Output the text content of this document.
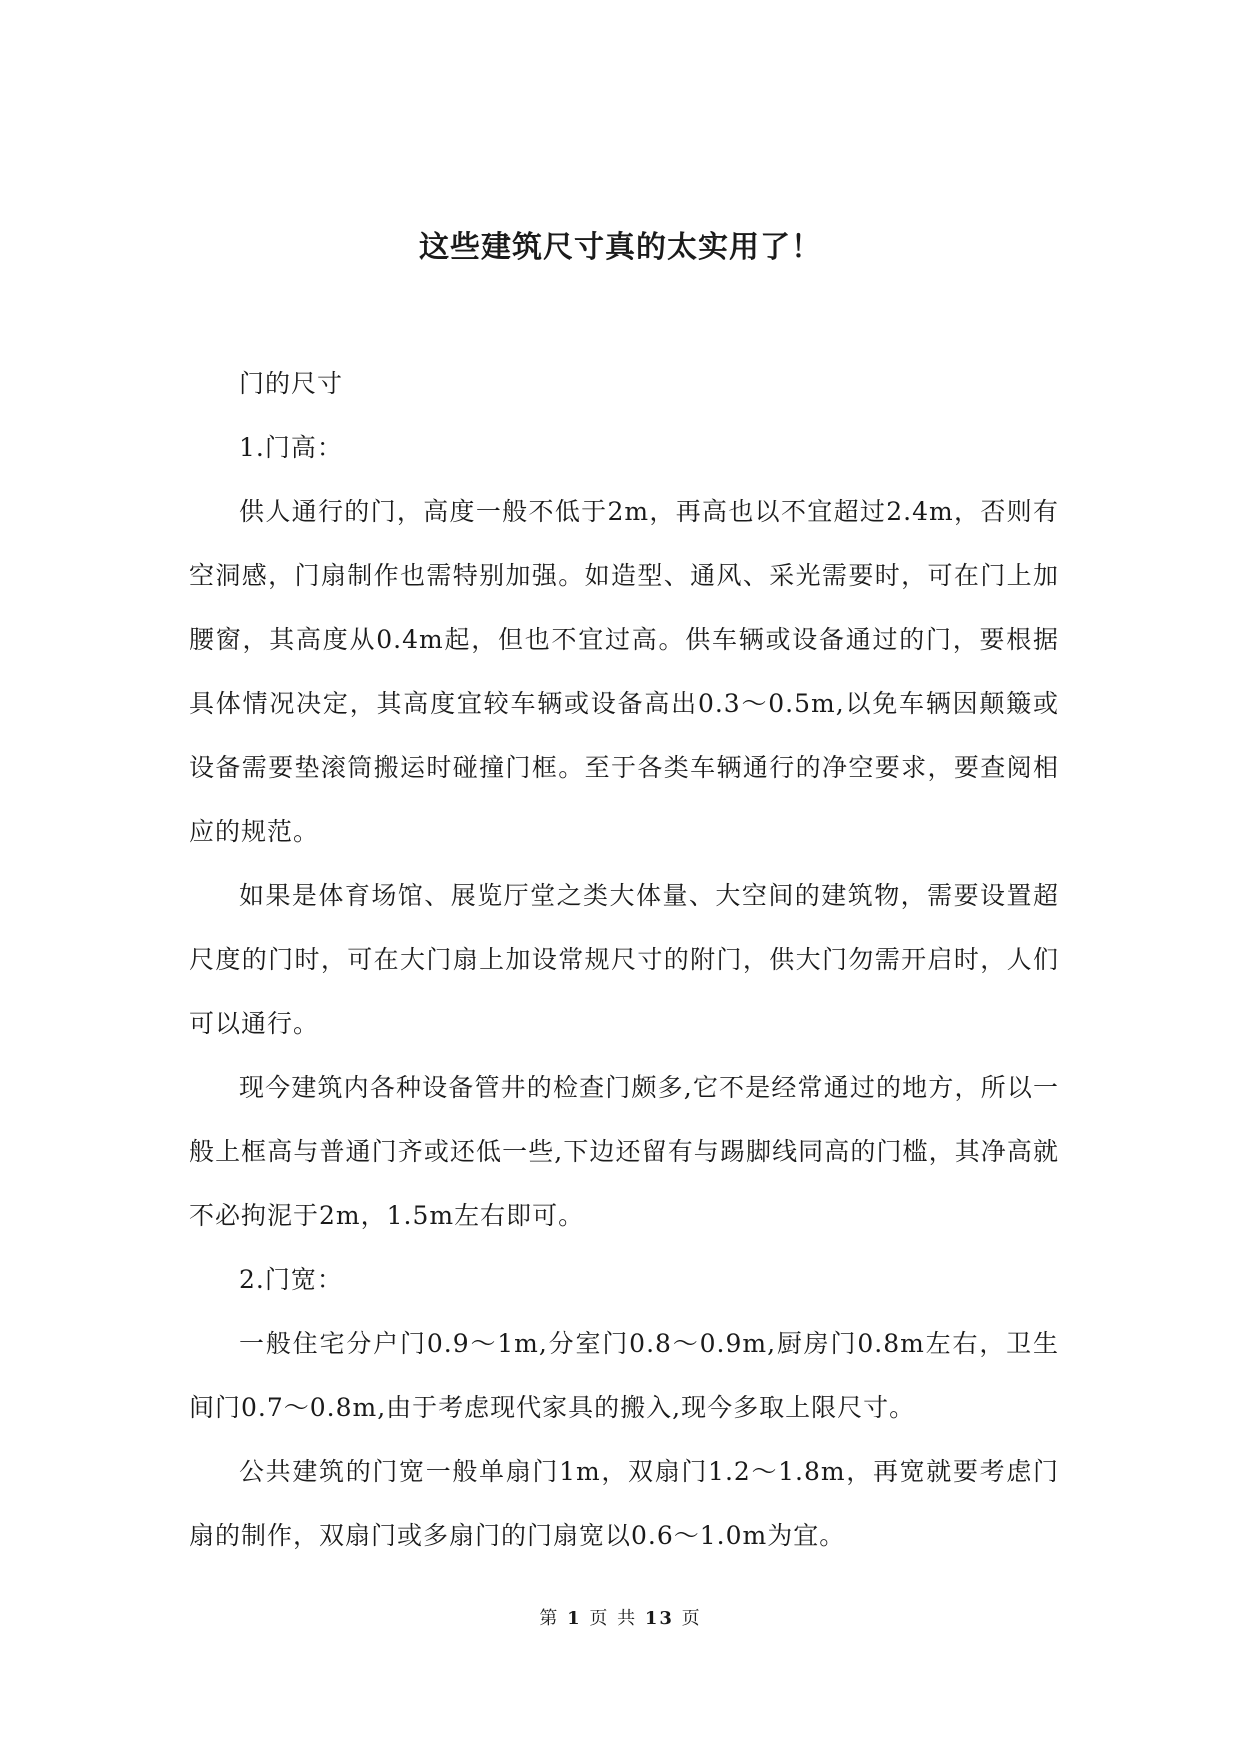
这些建筑尺寸真的太实用了！

门的尺寸

1.门高：

供人通行的门，高度一般不低于2m，再高也以不宜超过2.4m，否则有空洞感，门扇制作也需特别加强。如造型、通风、采光需要时，可在门上加腰窗，其高度从0.4m起，但也不宜过高。供车辆或设备通过的门，要根据具体情况决定，其高度宜较车辆或设备高出0.3～0.5m,以免车辆因颠簸或设备需要垫滚筒搬运时碰撞门框。至于各类车辆通行的净空要求，要查阅相应的规范。

如果是体育场馆、展览厅堂之类大体量、大空间的建筑物，需要设置超尺度的门时，可在大门扇上加设常规尺寸的附门，供大门勿需开启时，人们可以通行。

现今建筑内各种设备管井的检查门颇多,它不是经常通过的地方，所以一般上框高与普通门齐或还低一些,下边还留有与踢脚线同高的门槛，其净高就不必拘泥于2m，1.5m左右即可。

2.门宽：

一般住宅分户门0.9～1m,分室门0.8～0.9m,厨房门0.8m左右，卫生间门0.7～0.8m,由于考虑现代家具的搬入,现今多取上限尺寸。

公共建筑的门宽一般单扇门1m，双扇门1.2～1.8m，再宽就要考虑门扇的制作，双扇门或多扇门的门扇宽以0.6～1.0m为宜。

第 1 页 共 13 页
